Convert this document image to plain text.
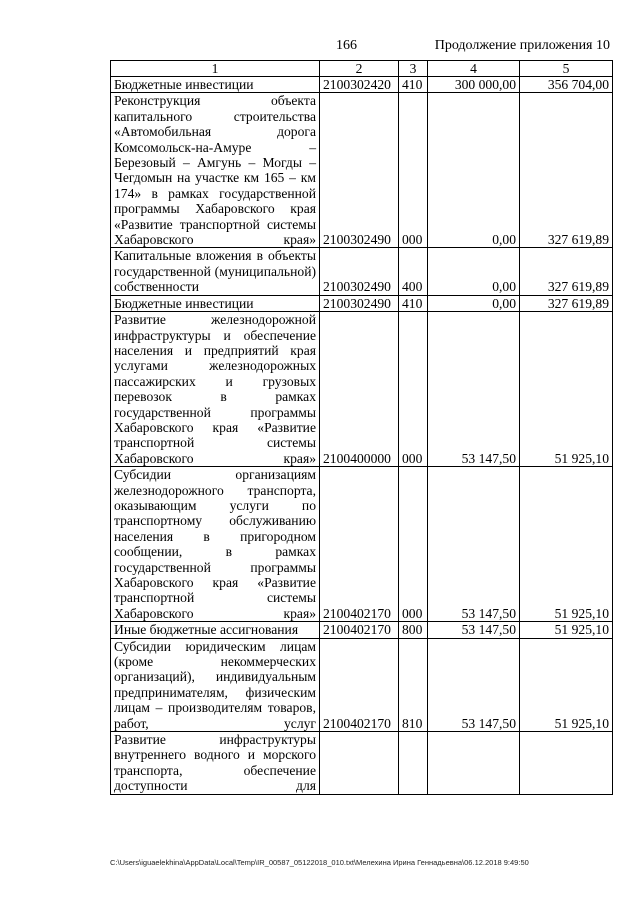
166	Продолжение приложения 10
1	2	3	4	5

Бюджетные инвестиции	2100302420	410	300 000,00	356 704,00
Реконструкция объекта капитального строительства «Автомобильная дорога Комсомольск-на-Амуре – Березовый – Амгунь – Могды – Чегдомын на участке км 165 – км 174» в рамках государственной программы Хабаровского края «Развитие транспортной системы Хабаровского края»	2100302490	000	0,00	327 619,89
Капитальные вложения в объекты государственной (муниципальной) собственности	2100302490	400	0,00	327 619,89

Бюджетные инвестиции	2100302490	410	0,00	327 619,89
Развитие железнодорожной инфраструктуры и обеспечение населения и предприятий края услугами железнодорожных пассажирских и грузовых перевозок в рамках государственной программы Хабаровского края «Развитие транспортной системы Хабаровского края»	2100400000	000	53 147,50	51 925,10
Субсидии организациям железнодорожного транспорта, оказывающим услуги по транспортному обслуживанию населения в пригородном сообщении, в рамках государственной программы Хабаровского края «Развитие транспортной системы Хабаровского края»	2100402170	000	53 147,50	51 925,10

Иные бюджетные ассигнования	2100402170	800	53 147,50	51 925,10
Субсидии юридическим лицам (кроме некоммерческих организаций), индивидуальным предпринимателям, физическим лицам – производителям товаров, работ, услуг	2100402170	810	53 147,50	51 925,10
Развитие инфраструктуры внутреннего водного и морского транспорта, обеспечение доступности для				
C:\Users\iguaelekhina\AppData\Local\Temp\IR_00587_05122018_010.txt\Мелехина Ирина Геннадьевна\06.12.2018 9:49:50
